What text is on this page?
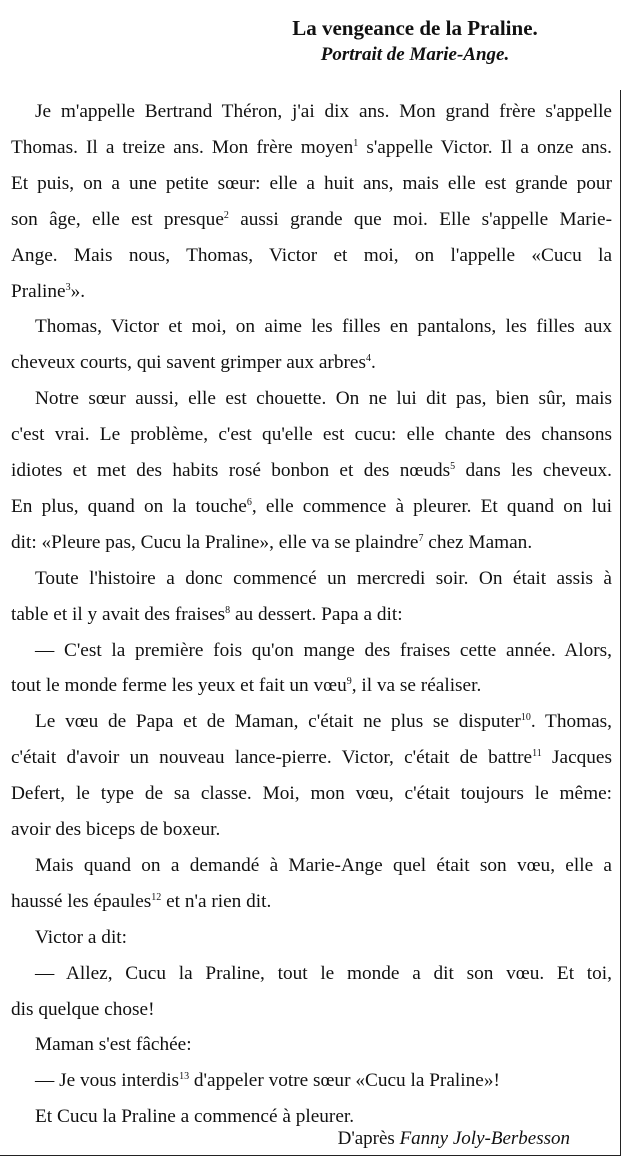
La vengeance de la Praline.
Portrait de Marie-Ange.
Je m'appelle Bertrand Théron, j'ai dix ans. Mon grand frère s'appelle
Thomas. Il a treize ans. Mon frère moyen$^1$ s'appelle Victor. Il a onze ans.
Et puis, on a une petite sœur: elle a huit ans, mais elle est grande pour
son âge, elle est presque$^2$ aussi grande que moi. Elle s'appelle Marie-
Ange. Mais nous, Thomas, Victor et moi, on l'appelle «Cucu la
Praline$^3$».
Thomas, Victor et moi, on aime les filles en pantalons, les filles aux
cheveux courts, qui savent grimper aux arbres$^4$.
Notre sœur aussi, elle est chouette. On ne lui dit pas, bien sûr, mais
c'est vrai. Le problème, c'est qu'elle est cucu: elle chante des chansons
idiotes et met des habits rosé bonbon et des nœuds$^5$ dans les cheveux.
En plus, quand on la touche$^6$, elle commence à pleurer. Et quand on lui
dit: «Pleure pas, Cucu la Praline», elle va se plaindre$^7$ chez Maman.
Toute l'histoire a donc commencé un mercredi soir. On était assis à
table et il y avait des fraises$^8$ au dessert. Papa a dit:
— C'est la première fois qu'on mange des fraises cette année. Alors,
tout le monde ferme les yeux et fait un vœu$^9$, il va se réaliser.
Le vœu de Papa et de Maman, c'était ne plus se disputer$^{10}$. Thomas,
c'était d'avoir un nouveau lance-pierre. Victor, c'était de battre$^{11}$ Jacques
Defert, le type de sa classe. Moi, mon vœu, c'était toujours le même:
avoir des biceps de boxeur.
Mais quand on a demandé à Marie-Ange quel était son vœu, elle a
haussé les épaules$^{12}$ et n'a rien dit.
Victor a dit:
— Allez, Cucu la Praline, tout le monde a dit son vœu. Et toi,
dis quelque chose!
Maman s'est fâchée:
— Je vous interdis$^{13}$ d'appeler votre sœur «Cucu la Praline»!
Et Cucu la Praline a commencé à pleurer.
D'après Fanny Joly-Berbesson
